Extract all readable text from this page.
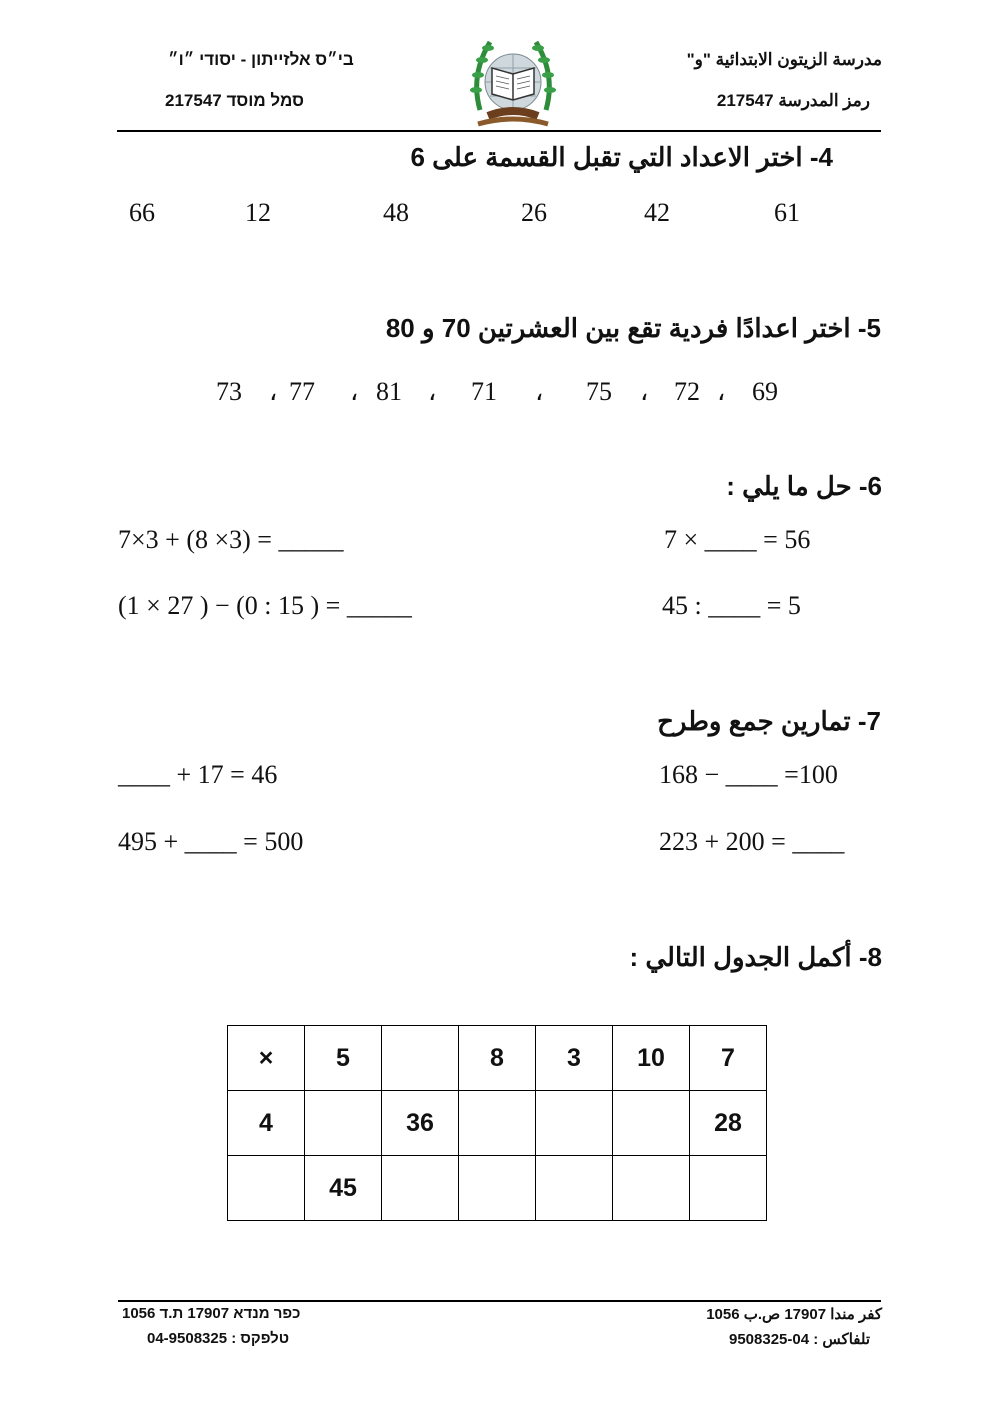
בי״ס אלזייתון - יסודי ״ו״
סמל מוסד 217547
مدرسة الزيتون الابتدائية "و"
رمز المدرسة 217547
4- اختر الاعداد التي تقبل القسمة على 6
66	12	48	26	42	61
5- اختر اعدادًا فردية تقع بين العشرتين 70 و 80
73 ، 77 ، 81 ، 71 ، 75 ، 72 ، 69
6- حل ما يلي :
7×3 + (8 ×3) = _____	7 × ____ = 56
(1 × 27 ) − (0 : 15 ) = _____	45 : ____ = 5
7- تمارين جمع وطرح
____ + 17 = 46	168 − ____ =100
495 + ____ = 500	223 + 200 = ____
8- أكمل الجدول التالي :
×	5		8	3	10	7
4		36				28
	45					
כפר מנדא 17907 ת.ד 1056
טלפקס : 04-9508325
كفر مندا 17907 ص.ب 1056
تلفاكس : 04-9508325
